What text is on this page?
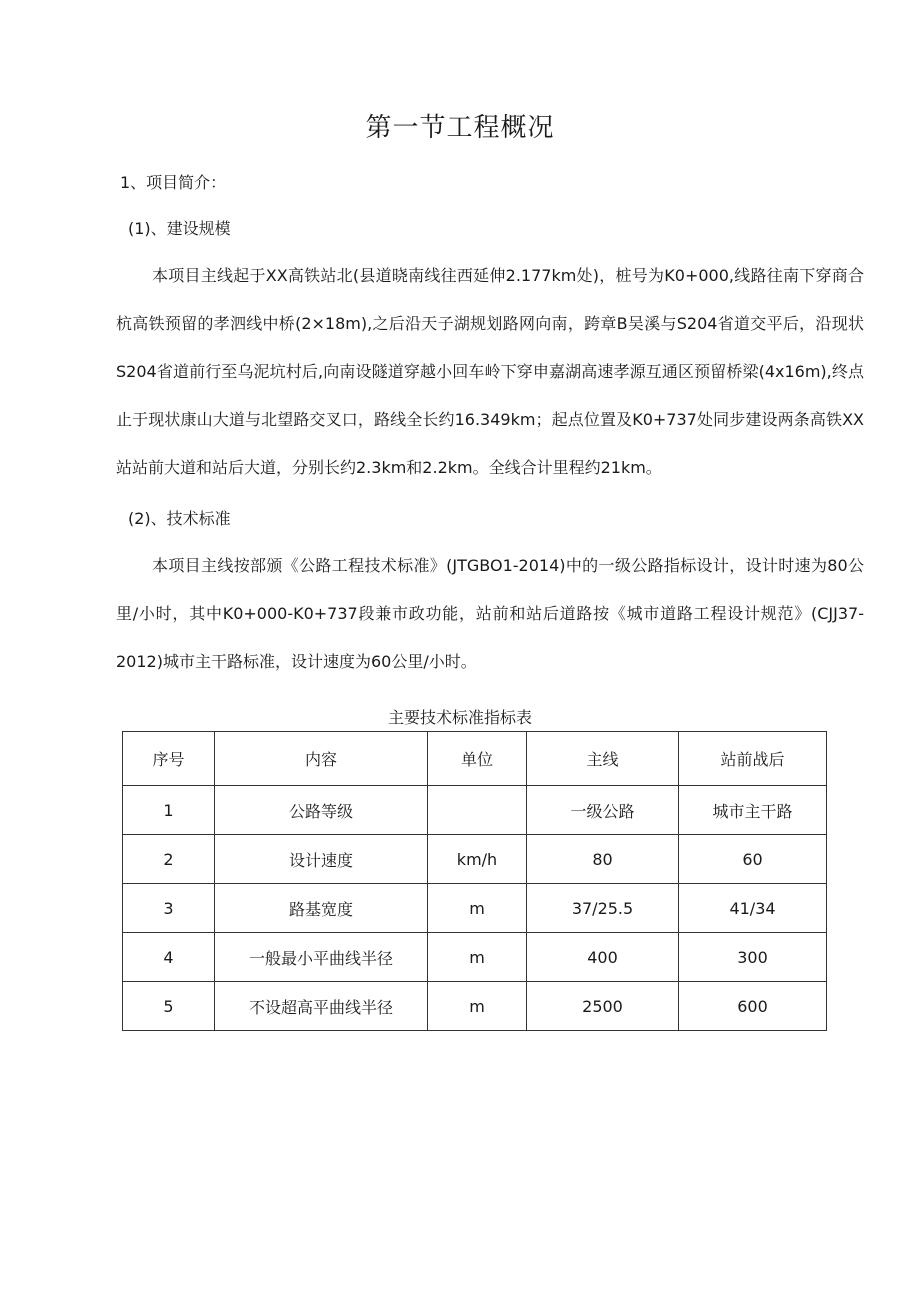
第一节工程概况
1、项目简介：
(1)、建设规模
本项目主线起于XX高铁站北(县道晓南线往西延伸2.177km处)，桩号为K0+000,线路往南下穿商合杭高铁预留的孝泗线中桥(2×18m),之后沿天子湖规划路网向南，跨章B吴溪与S204省道交平后，沿现状S204省道前行至乌泥坑村后,向南设隧道穿越小回车岭下穿申嘉湖高速孝源互通区预留桥梁(4x16m),终点止于现状康山大道与北望路交叉口，路线全长约16.349km；起点位置及K0+737处同步建设两条高铁XX站站前大道和站后大道，分别长约2.3km和2.2km。全线合计里程约21km。
(2)、技术标准
本项目主线按部颁《公路工程技术标准》(JTGBO1-2014)中的一级公路指标设计，设计时速为80公里/小时，其中K0+000-K0+737段兼市政功能，站前和站后道路按《城市道路工程设计规范》(CJJ37-2012)城市主干路标准，设计速度为60公里/小时。
主要技术标准指标表
序号	内容	单位	主线	站前战后
1	公路等级		一级公路	城市主干路
2	设计速度	km/h	80	60
3	路基宽度	m	37/25.5	41/34
4	一般最小平曲线半径	m	400	300
5	不设超高平曲线半径	m	2500	600
